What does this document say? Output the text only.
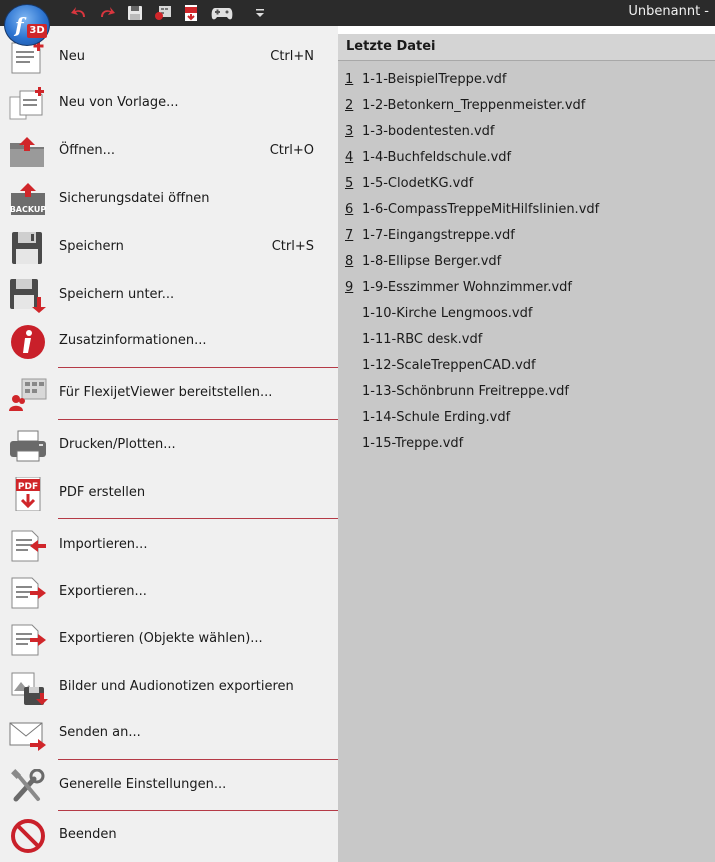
Unbenannt -
f 3D
Neu	Ctrl+N
Neu von Vorlage...
Öffnen...	Ctrl+O
BACKUP
Sicherungsdatei öffnen
Speichern	Ctrl+S
Speichern unter...
Zusatzinformationen...
Für FlexijetViewer bereitstellen...
Drucken/Plotten...
PDF PDF erstellen
Importieren...
Exportieren...
Exportieren (Objekte wählen)...
Bilder und Audionotizen exportieren
Senden an...
Generelle Einstellungen...
Beenden
Letzte Datei
1 1-1-BeispielTreppe.vdf
2 1-2-Betonkern_Treppenmeister.vdf
3 1-3-bodentesten.vdf
4 1-4-Buchfeldschule.vdf
5 1-5-ClodetKG.vdf
6 1-6-CompassTreppeMitHilfslinien.vdf
7 1-7-Eingangstreppe.vdf
8 1-8-Ellipse Berger.vdf
9 1-9-Esszimmer Wohnzimmer.vdf
1-10-Kirche Lengmoos.vdf
1-11-RBC desk.vdf
1-12-ScaleTreppenCAD.vdf
1-13-Schönbrunn Freitreppe.vdf
1-14-Schule Erding.vdf
1-15-Treppe.vdf
